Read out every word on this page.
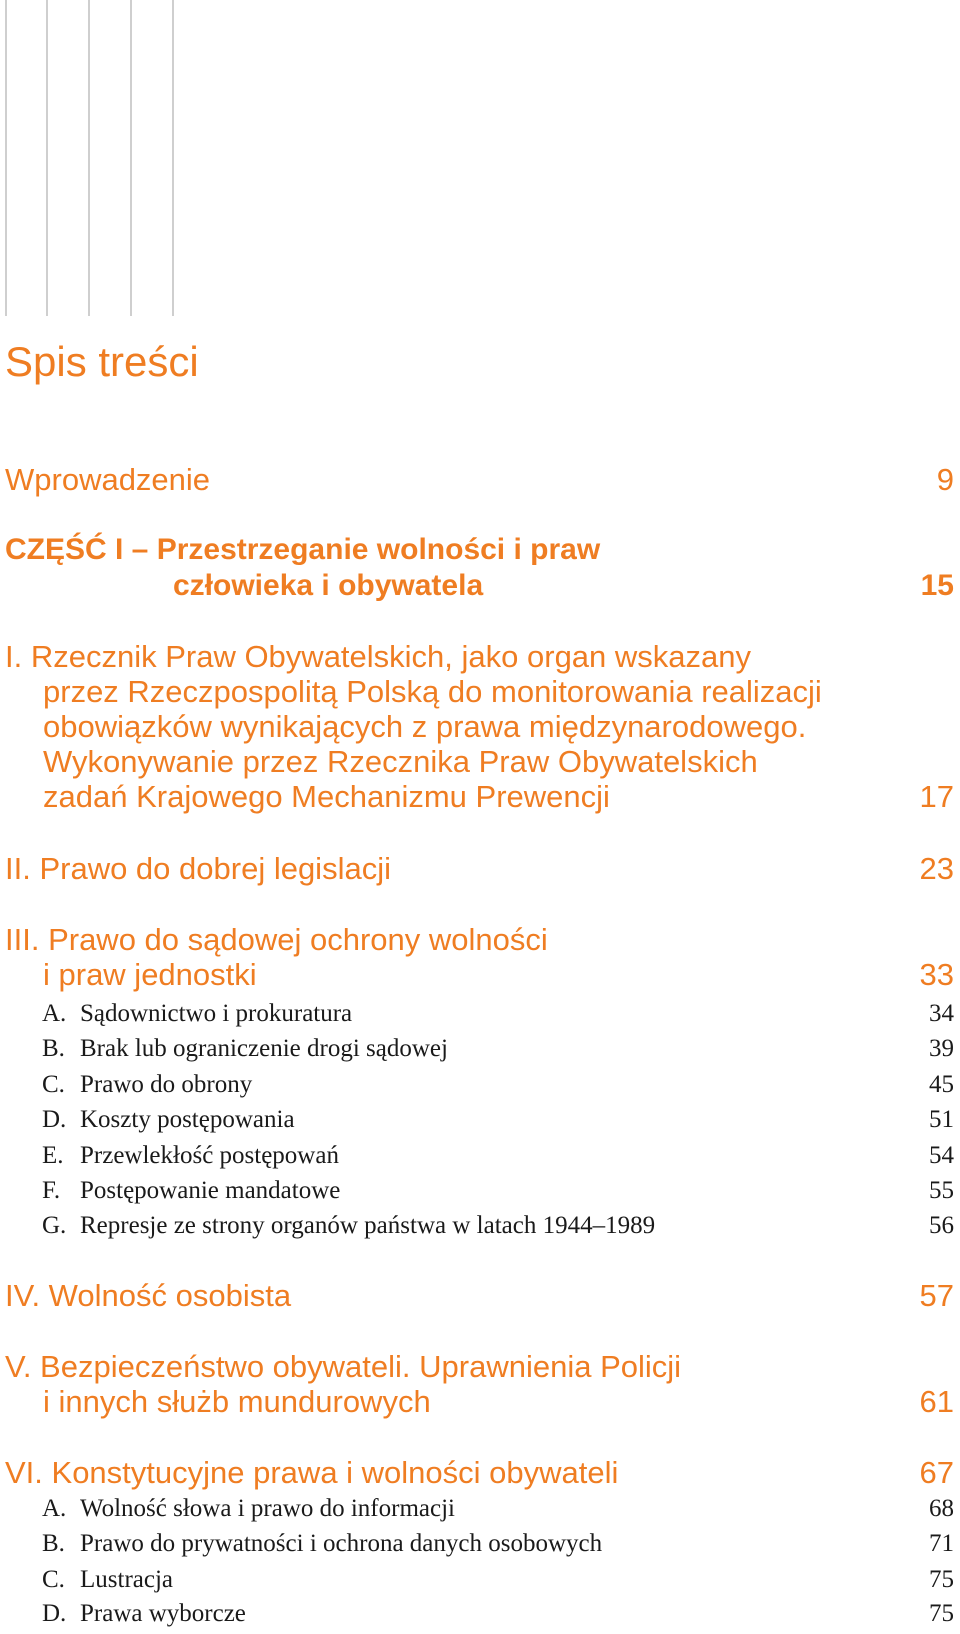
Spis treści
Wprowadzenie	9
CZĘŚĆ I – Przestrzeganie wolności i praw
człowieka i obywatela	15
I. Rzecznik Praw Obywatelskich, jako organ wskazany
przez Rzeczpospolitą Polską do monitorowania realizacji
obowiązków wynikających z prawa międzynarodowego.
Wykonywanie przez Rzecznika Praw Obywatelskich
zadań Krajowego Mechanizmu Prewencji	17
II. Prawo do dobrej legislacji	23
III. Prawo do sądowej ochrony wolności
i praw jednostki	33
A. Sądownictwo i prokuratura	34
B. Brak lub ograniczenie drogi sądowej	39
C. Prawo do obrony	45
D. Koszty postępowania	51
E. Przewlekłość postępowań	54
F. Postępowanie mandatowe	55
G. Represje ze strony organów państwa w latach 1944–1989	56
IV. Wolność osobista	57
V. Bezpieczeństwo obywateli. Uprawnienia Policji
i innych służb mundurowych	61
VI. Konstytucyjne prawa i wolności obywateli	67
A. Wolność słowa i prawo do informacji	68
B. Prawo do prywatności i ochrona danych osobowych	71
C. Lustracja	75
D. Prawa wyborcze	75
